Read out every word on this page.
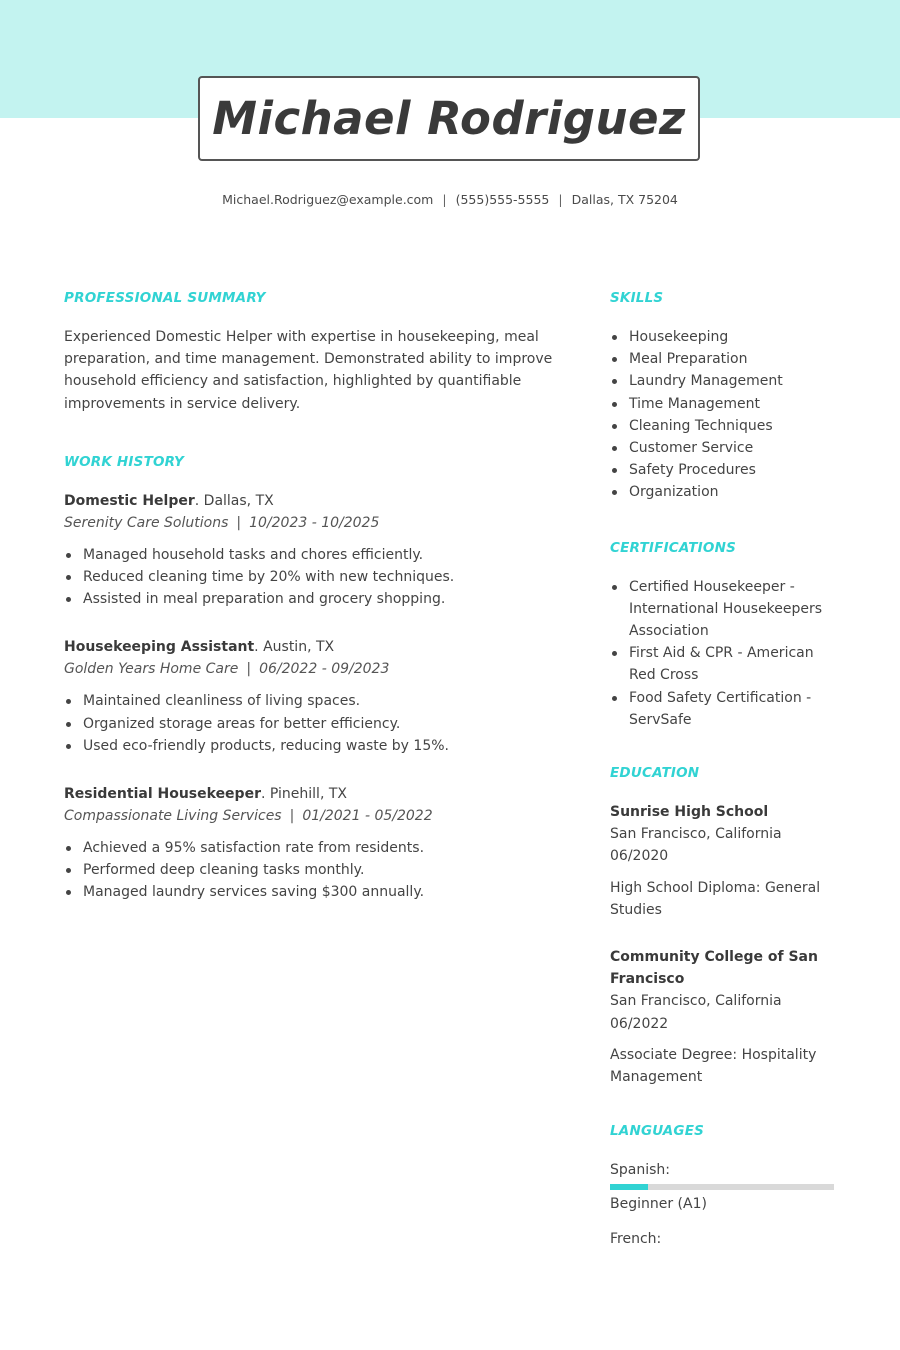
Michael Rodriguez
Michael.Rodriguez@example.com | (555)555-5555 | Dallas, TX 75204
PROFESSIONAL SUMMARY
Experienced Domestic Helper with expertise in housekeeping, meal preparation, and time management. Demonstrated ability to improve household efficiency and satisfaction, highlighted by quantifiable improvements in service delivery.
WORK HISTORY
Domestic Helper. Dallas, TX
Serenity Care Solutions | 10/2023 - 10/2025
Managed household tasks and chores efficiently.
Reduced cleaning time by 20% with new techniques.
Assisted in meal preparation and grocery shopping.
Housekeeping Assistant. Austin, TX
Golden Years Home Care | 06/2022 - 09/2023
Maintained cleanliness of living spaces.
Organized storage areas for better efficiency.
Used eco-friendly products, reducing waste by 15%.
Residential Housekeeper. Pinehill, TX
Compassionate Living Services | 01/2021 - 05/2022
Achieved a 95% satisfaction rate from residents.
Performed deep cleaning tasks monthly.
Managed laundry services saving $300 annually.
SKILLS
Housekeeping
Meal Preparation
Laundry Management
Time Management
Cleaning Techniques
Customer Service
Safety Procedures
Organization
CERTIFICATIONS
Certified Housekeeper - International Housekeepers Association
First Aid & CPR - American Red Cross
Food Safety Certification - ServSafe
EDUCATION
Sunrise High School
San Francisco, California
06/2020
High School Diploma: General Studies
Community College of San Francisco
San Francisco, California
06/2022
Associate Degree: Hospitality Management
LANGUAGES
Spanish:
Beginner (A1)
French:
